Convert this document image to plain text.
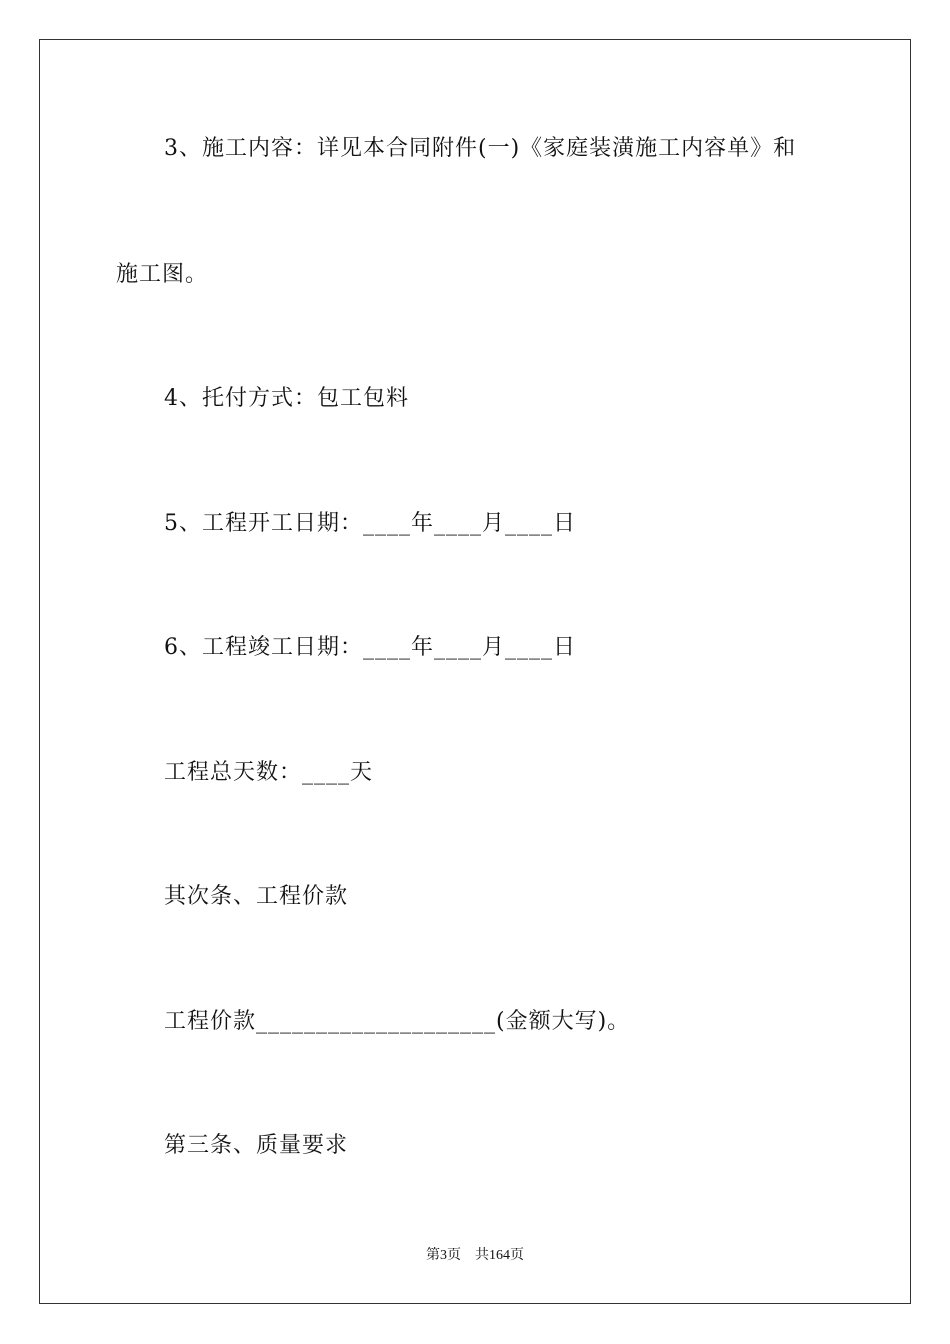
3、施工内容：详见本合同附件(一)《家庭装潢施工内容单》和
施工图。
4、托付方式：包工包料
5、工程开工日期：____年____月____日
6、工程竣工日期：____年____月____日
工程总天数：____天
其次条、工程价款
工程价款____________________(金额大写)。
第三条、质量要求
第3页 共164页
